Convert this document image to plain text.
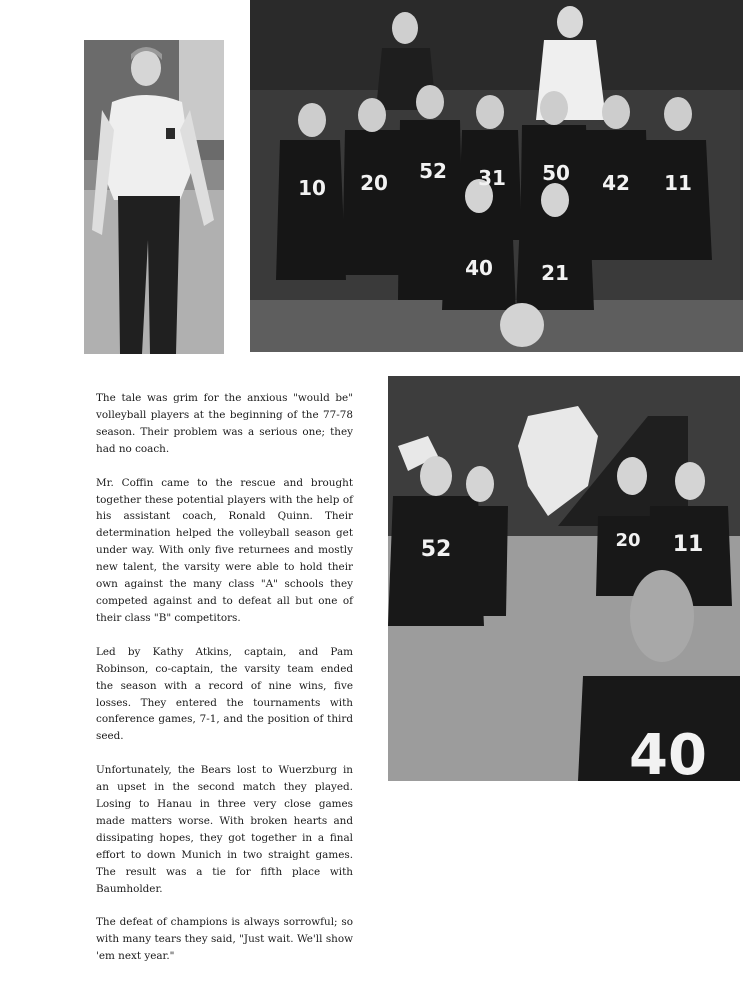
10 20 52 31 50 42 11
40 21
52	20 11
40

The tale was grim for the anxious "would be" volleyball players at the beginning of the 77-78 season. Their problem was a serious one; they had no coach.

Mr. Coffin came to the rescue and brought together these potential players with the help of his assistant coach, Ronald Quinn. Their determination helped the volleyball season get under way. With only five returnees and mostly new talent, the varsity were able to hold their own against the many class "A" schools they competed against and to defeat all but one of their class "B" competitors.

Led by Kathy Atkins, captain, and Pam Robinson, co-captain, the varsity team ended the season with a record of nine wins, five losses. They entered the tournaments with conference games, 7-1, and the position of third seed.

Unfortunately, the Bears lost to Wuerzburg in an upset in the second match they played. Losing to Hanau in three very close games made matters worse. With broken hearts and dissipating hopes, they got together in a final effort to down Munich in two straight games. The result was a tie for fifth place with Baumholder.

The defeat of champions is always sorrowful; so with many tears they said, "Just wait. We'll show 'em next year."
